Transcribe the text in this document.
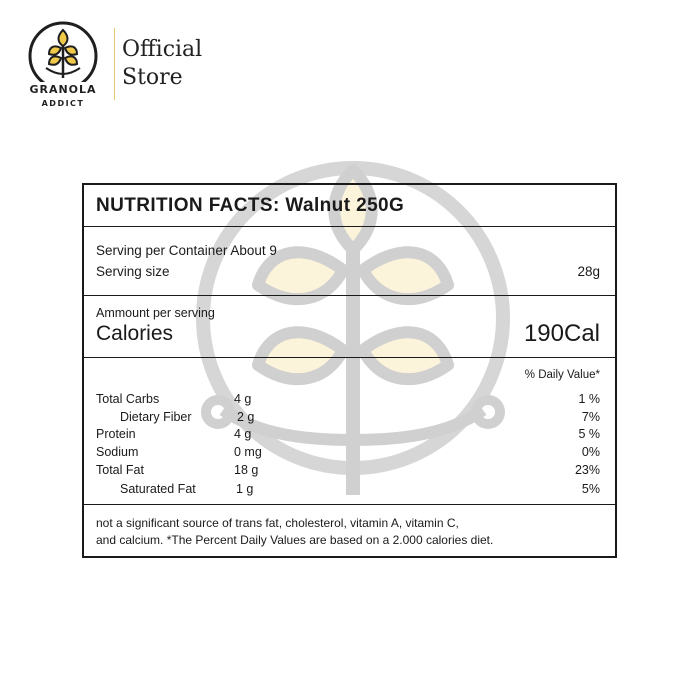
GRANOLA
ADDICT
Official
Store
NUTRITION FACTS: Walnut 250G
Serving per Container About 9
Serving size	28g
Ammount per serving
Calories	190Cal
% Daily Value*
Total Carbs	4 g	1 %
Dietary Fiber	2 g	7%
Protein	4 g	5 %
Sodium	0 mg	0%
Total Fat	18 g	23%
Saturated Fat	1 g	5%
not a significant source of trans fat, cholesterol, vitamin A, vitamin C,
and calcium. *The Percent Daily Values are based on a 2.000 calories diet.
